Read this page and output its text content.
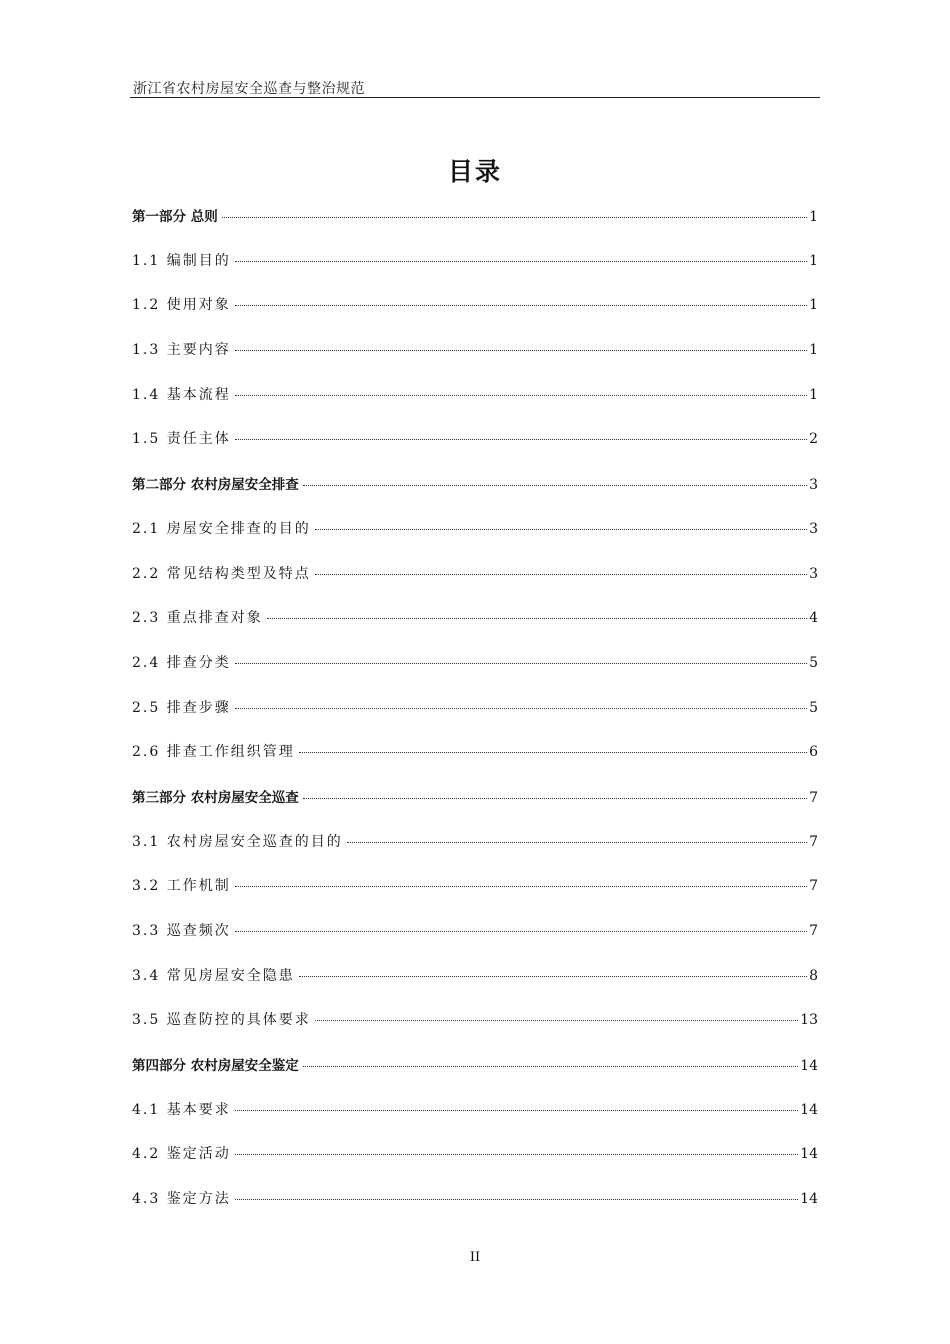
浙江省农村房屋安全巡查与整治规范
目录
第一部分 总则	1
1.1 编制目的	1
1.2 使用对象	1
1.3 主要内容	1
1.4 基本流程	1
1.5 责任主体	2
第二部分 农村房屋安全排查	3
2.1 房屋安全排查的目的	3
2.2 常见结构类型及特点	3
2.3 重点排查对象	4
2.4 排查分类	5
2.5 排查步骤	5
2.6 排查工作组织管理	6
第三部分 农村房屋安全巡查	7
3.1 农村房屋安全巡查的目的	7
3.2 工作机制	7
3.3 巡查频次	7
3.4 常见房屋安全隐患	8
3.5 巡查防控的具体要求	13
第四部分 农村房屋安全鉴定	14
4.1 基本要求	14
4.2 鉴定活动	14
4.3 鉴定方法	14
II
